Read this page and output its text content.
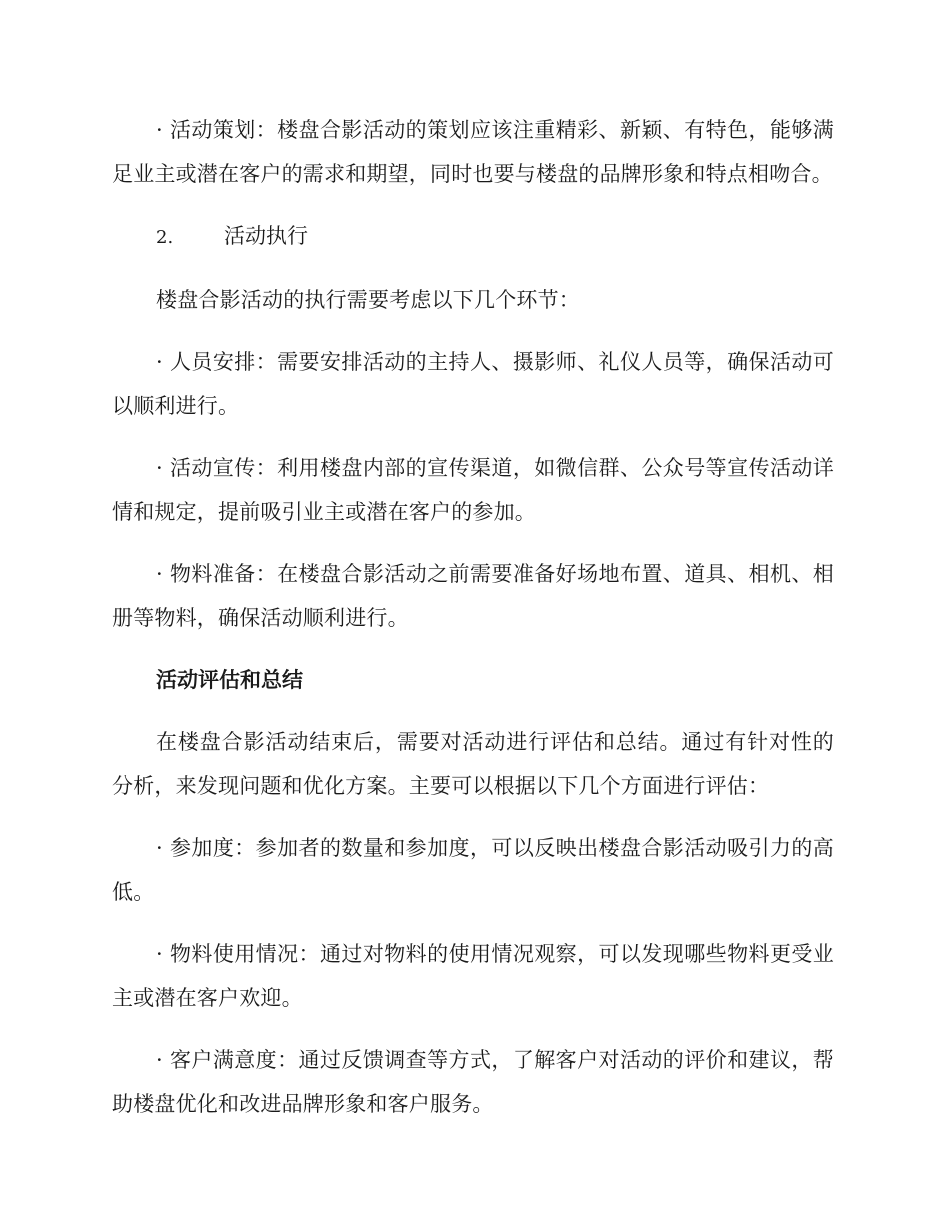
· 活动策划：楼盘合影活动的策划应该注重精彩、新颖、有特色，能够满足业主或潜在客户的需求和期望，同时也要与楼盘的品牌形象和特点相吻合。

2.	活动执行

楼盘合影活动的执行需要考虑以下几个环节：

· 人员安排：需要安排活动的主持人、摄影师、礼仪人员等，确保活动可以顺利进行。

· 活动宣传：利用楼盘内部的宣传渠道，如微信群、公众号等宣传活动详情和规定，提前吸引业主或潜在客户的参加。

· 物料准备：在楼盘合影活动之前需要准备好场地布置、道具、相机、相册等物料，确保活动顺利进行。

活动评估和总结

在楼盘合影活动结束后，需要对活动进行评估和总结。通过有针对性的分析，来发现问题和优化方案。主要可以根据以下几个方面进行评估：

· 参加度：参加者的数量和参加度，可以反映出楼盘合影活动吸引力的高低。

· 物料使用情况：通过对物料的使用情况观察，可以发现哪些物料更受业主或潜在客户欢迎。

· 客户满意度：通过反馈调查等方式，了解客户对活动的评价和建议，帮助楼盘优化和改进品牌形象和客户服务。
